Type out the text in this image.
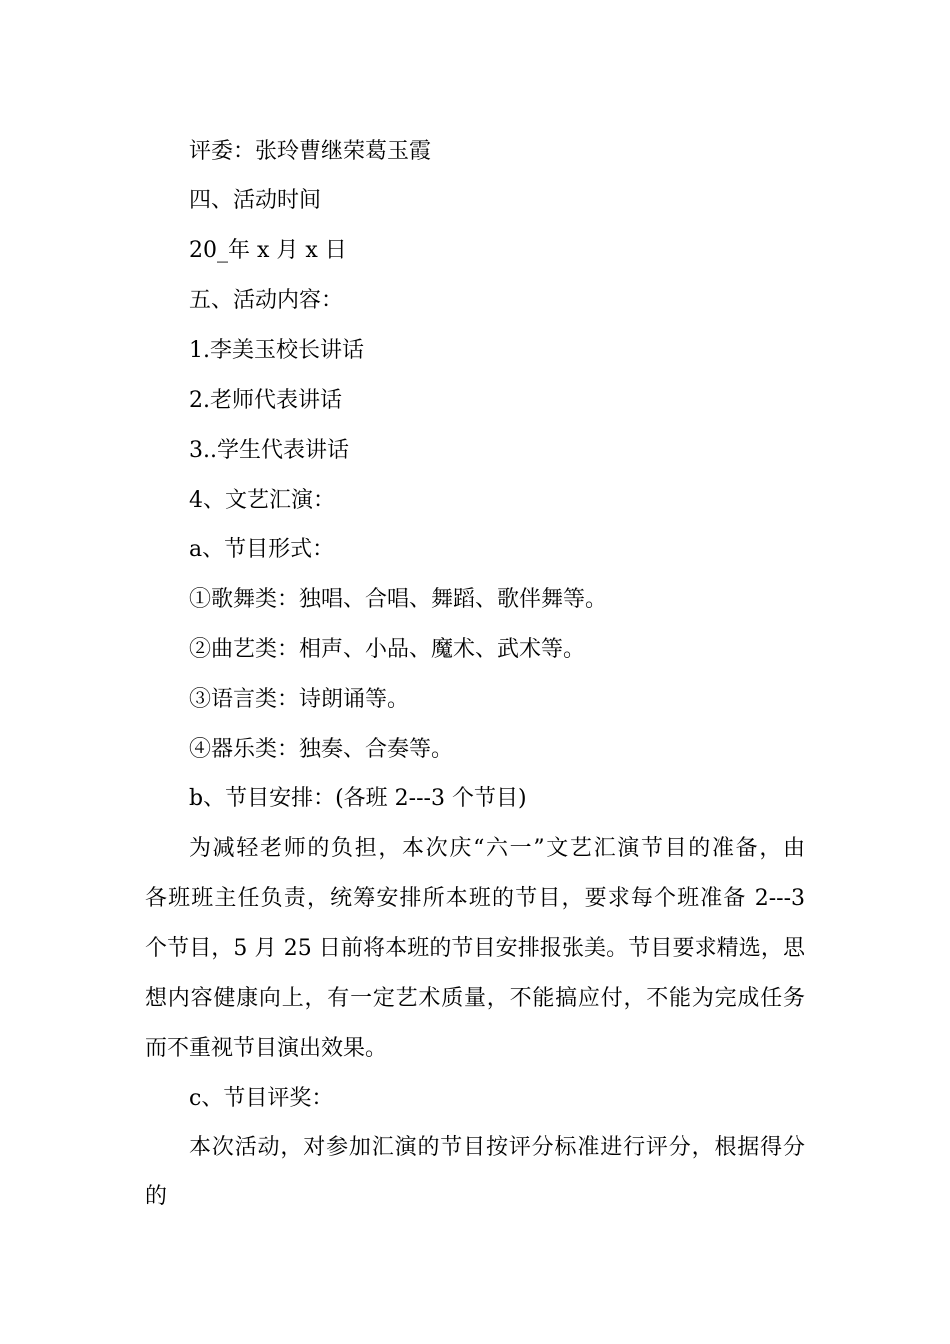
评委：张玲曹继荣葛玉霞
四、活动时间
20_年 x 月 x 日
五、活动内容：
1.李美玉校长讲话
2.老师代表讲话
3..学生代表讲话
4、文艺汇演：
a、节目形式：
①歌舞类：独唱、合唱、舞蹈、歌伴舞等。
②曲艺类：相声、小品、魔术、武术等。
③语言类：诗朗诵等。
④器乐类：独奏、合奏等。
b、节目安排：(各班 2---3 个节目)
为减轻老师的负担，本次庆“六一”文艺汇演节目的准备，由
各班班主任负责，统筹安排所本班的节目，要求每个班准备 2---3
个节目，5 月 25 日前将本班的节目安排报张美。节目要求精选，思
想内容健康向上，有一定艺术质量，不能搞应付，不能为完成任务
而不重视节目演出效果。
c、节目评奖：
本次活动，对参加汇演的节目按评分标准进行评分，根据得分
的
